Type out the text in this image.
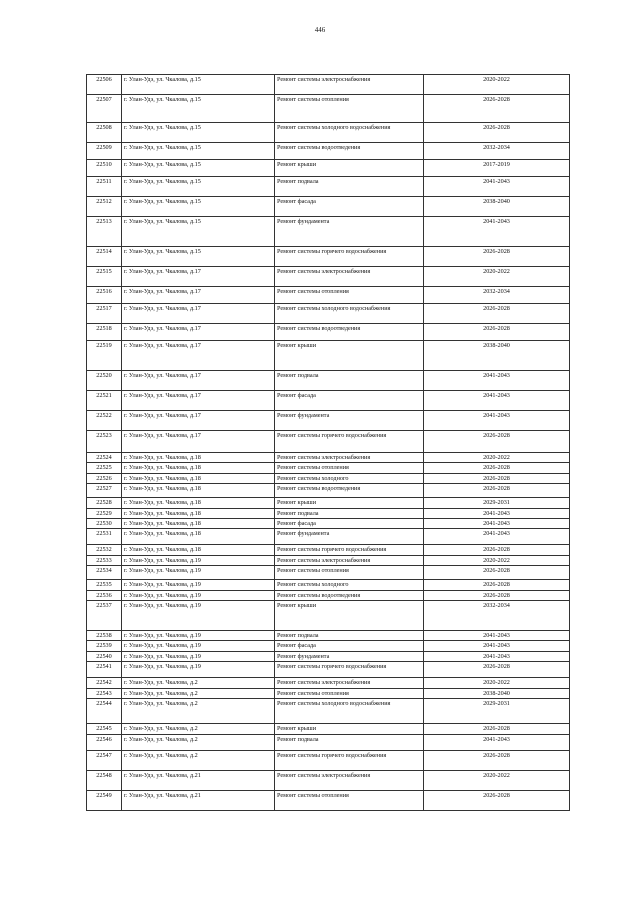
446
22506	г. Улан-Удэ, ул. Чкалова, д.15	Ремонт системы электроснабжения	2020-2022
22507	г. Улан-Удэ, ул. Чкалова, д.15	Ремонт системы отопления	2026-2028
22508	г. Улан-Удэ, ул. Чкалова, д.15	Ремонт системы холодного водоснабжения	2026-2028
22509	г. Улан-Удэ, ул. Чкалова, д.15	Ремонт системы водоотведения	2032-2034
22510	г. Улан-Удэ, ул. Чкалова, д.15	Ремонт крыши	2017-2019
22511	г. Улан-Удэ, ул. Чкалова, д.15	Ремонт подвала	2041-2043
22512	г. Улан-Удэ, ул. Чкалова, д.15	Ремонт фасада	2038-2040
22513	г. Улан-Удэ, ул. Чкалова, д.15	Ремонт фундамента	2041-2043
22514	г. Улан-Удэ, ул. Чкалова, д.15	Ремонт системы горячего водоснабжения	2026-2028
22515	г. Улан-Удэ, ул. Чкалова, д.17	Ремонт системы электроснабжения	2020-2022
22516	г. Улан-Удэ, ул. Чкалова, д.17	Ремонт системы отопления	2032-2034
22517	г. Улан-Удэ, ул. Чкалова, д.17	Ремонт системы холодного водоснабжения	2026-2028
22518	г. Улан-Удэ, ул. Чкалова, д.17	Ремонт системы водоотведения	2026-2028
22519	г. Улан-Удэ, ул. Чкалова, д.17	Ремонт крыши	2038-2040
22520	г. Улан-Удэ, ул. Чкалова, д.17	Ремонт подвала	2041-2043
22521	г. Улан-Удэ, ул. Чкалова, д.17	Ремонт фасада	2041-2043
22522	г. Улан-Удэ, ул. Чкалова, д.17	Ремонт фундамента	2041-2043
22523	г. Улан-Удэ, ул. Чкалова, д.17	Ремонт системы горячего водоснабжения	2026-2028
22524	г. Улан-Удэ, ул. Чкалова, д.18	Ремонт системы электроснабжения	2020-2022
22525	г. Улан-Удэ, ул. Чкалова, д.18	Ремонт системы отопления	2026-2028
22526	г. Улан-Удэ, ул. Чкалова, д.18	Ремонт системы холодного	2026-2028
22527	г. Улан-Удэ, ул. Чкалова, д.18	Ремонт системы водоотведения	2026-2028
22528	г. Улан-Удэ, ул. Чкалова, д.18	Ремонт крыши	2029-2031
22529	г. Улан-Удэ, ул. Чкалова, д.18	Ремонт подвала	2041-2043
22530	г. Улан-Удэ, ул. Чкалова, д.18	Ремонт фасада	2041-2043
22531	г. Улан-Удэ, ул. Чкалова, д.18	Ремонт фундамента	2041-2043
22532	г. Улан-Удэ, ул. Чкалова, д.18	Ремонт системы горячего водоснабжения	2026-2028
22533	г. Улан-Удэ, ул. Чкалова, д.19	Ремонт системы электроснабжения	2020-2022
22534	г. Улан-Удэ, ул. Чкалова, д.19	Ремонт системы отопления	2026-2028
22535	г. Улан-Удэ, ул. Чкалова, д.19	Ремонт системы холодного	2026-2028
22536	г. Улан-Удэ, ул. Чкалова, д.19	Ремонт системы водоотведения	2026-2028
22537	г. Улан-Удэ, ул. Чкалова, д.19	Ремонт крыши	2032-2034
22538	г. Улан-Удэ, ул. Чкалова, д.19	Ремонт подвала	2041-2043
22539	г. Улан-Удэ, ул. Чкалова, д.19	Ремонт фасада	2041-2043
22540	г. Улан-Удэ, ул. Чкалова, д.19	Ремонт фундамента	2041-2043
22541	г. Улан-Удэ, ул. Чкалова, д.19	Ремонт системы горячего водоснабжения	2026-2028
22542	г. Улан-Удэ, ул. Чкалова, д.2	Ремонт системы электроснабжения	2020-2022
22543	г. Улан-Удэ, ул. Чкалова, д.2	Ремонт системы отопления	2038-2040
22544	г. Улан-Удэ, ул. Чкалова, д.2	Ремонт системы холодного водоснабжения	2029-2031
22545	г. Улан-Удэ, ул. Чкалова, д.2	Ремонт крыши	2026-2028
22546	г. Улан-Удэ, ул. Чкалова, д.2	Ремонт подвала	2041-2043
22547	г. Улан-Удэ, ул. Чкалова, д.2	Ремонт системы горячего водоснабжения	2026-2028
22548	г. Улан-Удэ, ул. Чкалова, д.21	Ремонт системы электроснабжения	2020-2022
22549	г. Улан-Удэ, ул. Чкалова, д.21	Ремонт системы отопления	2026-2028
